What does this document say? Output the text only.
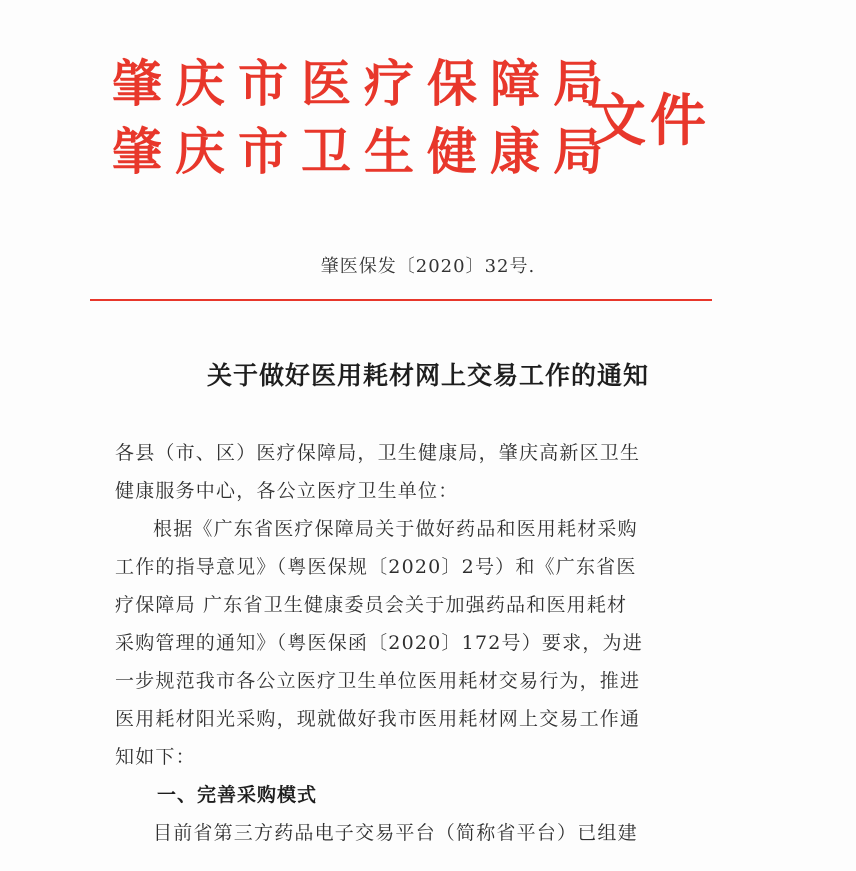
肇庆市医疗保障局
肇庆市卫生健康局
文件
肇医保发〔2020〕32号.
关于做好医用耗材网上交易工作的通知
各县（市、区）医疗保障局，卫生健康局，肇庆高新区卫生
健康服务中心，各公立医疗卫生单位：
根据《广东省医疗保障局关于做好药品和医用耗材采购
工作的指导意见》（粤医保规〔2020〕2号）和《广东省医
疗保障局 广东省卫生健康委员会关于加强药品和医用耗材
采购管理的通知》（粤医保函〔2020〕172号）要求，为进
一步规范我市各公立医疗卫生单位医用耗材交易行为，推进
医用耗材阳光采购，现就做好我市医用耗材网上交易工作通
知如下：
一、完善采购模式
目前省第三方药品电子交易平台（简称省平台）已组建
